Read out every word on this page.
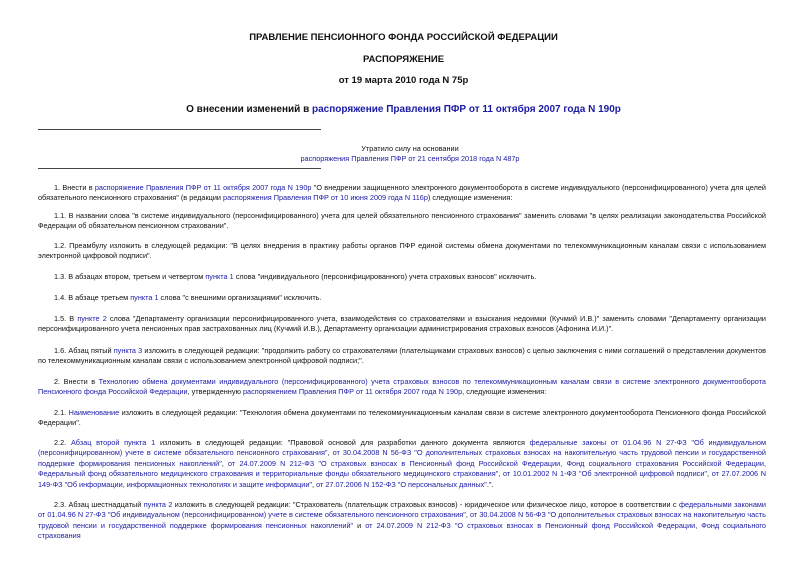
ПРАВЛЕНИЕ ПЕНСИОННОГО ФОНДА РОССИЙСКОЙ ФЕДЕРАЦИИ
РАСПОРЯЖЕНИЕ
от 19 марта 2010 года N 75р
О внесении изменений в распоряжение Правления ПФР от 11 октября 2007 года N 190р
Утратило силу на основании
распоряжения Правления ПФР от 21 сентября 2018 года N 487р
1. Внести в распоряжение Правления ПФР от 11 октября 2007 года N 190р "О внедрении защищенного электронного документооборота в системе индивидуального (персонифицированного) учета для целей обязательного пенсионного страхования" (в редакции распоряжения Правления ПФР от 10 июня 2009 года N 116р) следующие изменения:
1.1. В названии слова "в системе индивидуального (персонифицированного) учета для целей обязательного пенсионного страхования" заменить словами "в целях реализации законодательства Российской Федерации об обязательном пенсионном страховании".
1.2. Преамбулу изложить в следующей редакции: "В целях внедрения в практику работы органов ПФР единой системы обмена документами по телекоммуникационным каналам связи с использованием электронной цифровой подписи".
1.3. В абзацах втором, третьем и четвертом пункта 1 слова "индивидуального (персонифицированного) учета страховых взносов" исключить.
1.4. В абзаце третьем пункта 1 слова "с внешними организациями" исключить.
1.5. В пункте 2 слова "Департаменту организации персонифицированного учета, взаимодействия со страхователями и взыскания недоимки (Кучмий И.В.)" заменить словами "Департаменту организации персонифицированного учета пенсионных прав застрахованных лиц (Кучмий И.В.), Департаменту организации администрирования страховых взносов (Афонина И.И.)".
1.6. Абзац пятый пункта 3 изложить в следующей редакции: "продолжить работу со страхователями (плательщиками страховых взносов) с целью заключения с ними соглашений о представлении документов по телекоммуникационным каналам связи с использованием электронной цифровой подписи;".
2. Внести в Технологию обмена документами индивидуального (персонифицированного) учета страховых взносов по телекоммуникационным каналам связи в системе электронного документооборота Пенсионного фонда Российской Федерации, утвержденную распоряжением Правления ПФР от 11 октября 2007 года N 190р, следующие изменения:
2.1. Наименование изложить в следующей редакции: "Технология обмена документами по телекоммуникационным каналам связи в системе электронного документооборота Пенсионного фонда Российской Федерации".
2.2. Абзац второй пункта 1 изложить в следующей редакции: "Правовой основой для разработки данного документа являются федеральные законы от 01.04.96 N 27-ФЗ "Об индивидуальном (персонифицированном) учете в системе обязательного пенсионного страхования", от 30.04.2008 N 56-ФЗ "О дополнительных страховых взносах на накопительную часть трудовой пенсии и государственной поддержке формирования пенсионных накоплений", от 24.07.2009 N 212-ФЗ "О страховых взносах в Пенсионный фонд Российской Федерации, Фонд социального страхования Российской Федерации, Федеральный фонд обязательного медицинского страхования и территориальные фонды обязательного медицинского страхования", от 10.01.2002 N 1-ФЗ "Об электронной цифровой подписи", от 27.07.2006 N 149-ФЗ "Об информации, информационных технологиях и защите информации", от 27.07.2006 N 152-ФЗ "О персональных данных".".
2.3. Абзац шестнадцатый пункта 2 изложить в следующей редакции: "Страхователь (плательщик страховых взносов) - юридическое или физическое лицо, которое в соответствии с федеральными законами от 01.04.96 N 27-ФЗ "Об индивидуальном (персонифицированном) учете в системе обязательного пенсионного страхования", от 30.04.2008 N 56-ФЗ "О дополнительных страховых взносах на накопительную часть трудовой пенсии и государственной поддержке формирования пенсионных накоплений" и от 24.07.2009 N 212-ФЗ "О страховых взносах в Пенсионный фонд Российской Федерации, Фонд социального страхования
